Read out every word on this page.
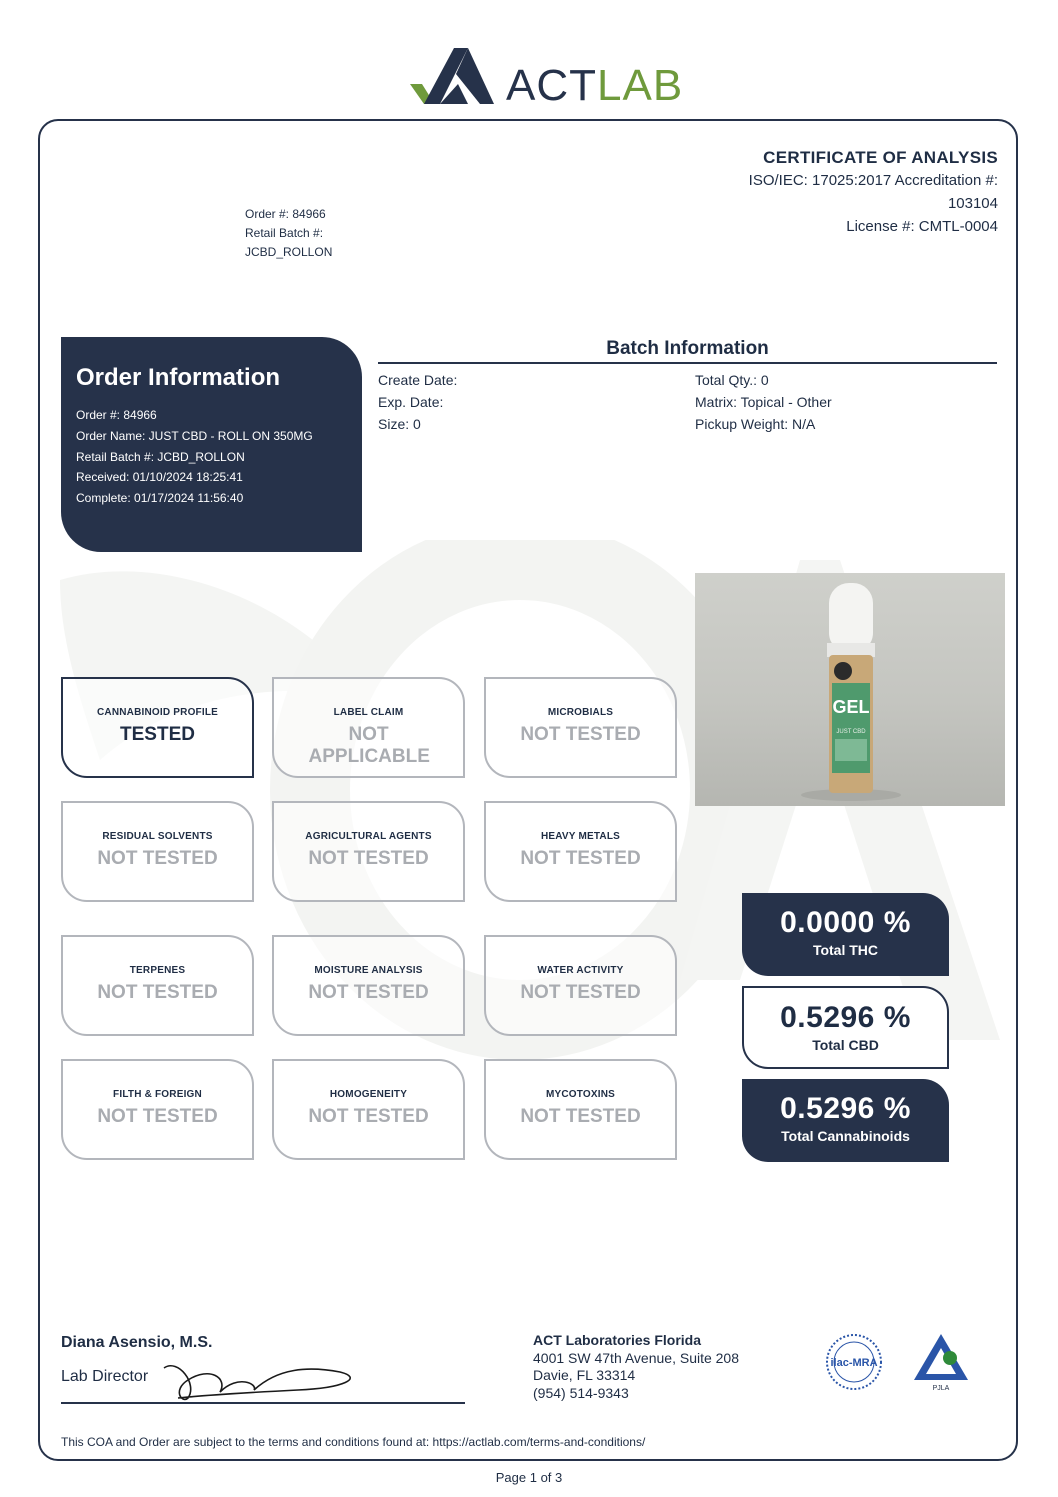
ACTLAB
CERTIFICATE OF ANALYSIS
ISO/IEC: 17025:2017 Accreditation #:
103104
License #: CMTL-0004
Order #: 84966
Retail Batch #:
JCBD_ROLLON
Order Information
Order #: 84966
Order Name: JUST CBD - ROLL ON 350MG
Retail Batch #: JCBD_ROLLON
Received: 01/10/2024 18:25:41
Complete: 01/17/2024 11:56:40
Batch Information
Create Date:
Exp. Date:
Size: 0
Total Qty.: 0
Matrix: Topical - Other
Pickup Weight: N/A
GEL
JUST CBD
CANNABINOID PROFILE
TESTED
LABEL CLAIM
NOT APPLICABLE
MICROBIALS
NOT TESTED
RESIDUAL SOLVENTS
NOT TESTED
AGRICULTURAL AGENTS
NOT TESTED
HEAVY METALS
NOT TESTED
TERPENES
NOT TESTED
MOISTURE ANALYSIS
NOT TESTED
WATER ACTIVITY
NOT TESTED
FILTH & FOREIGN
NOT TESTED
HOMOGENEITY
NOT TESTED
MYCOTOXINS
NOT TESTED
0.0000 %
Total THC
0.5296 %
Total CBD
0.5296 %
Total Cannabinoids
Diana Asensio, M.S.
Lab Director
ACT Laboratories Florida
4001 SW 47th Avenue, Suite 208
Davie, FL 33314
(954) 514-9343
ilac-MRA
PJLA
This COA and Order are subject to the terms and conditions found at: https://actlab.com/terms-and-conditions/
Page 1 of 3
